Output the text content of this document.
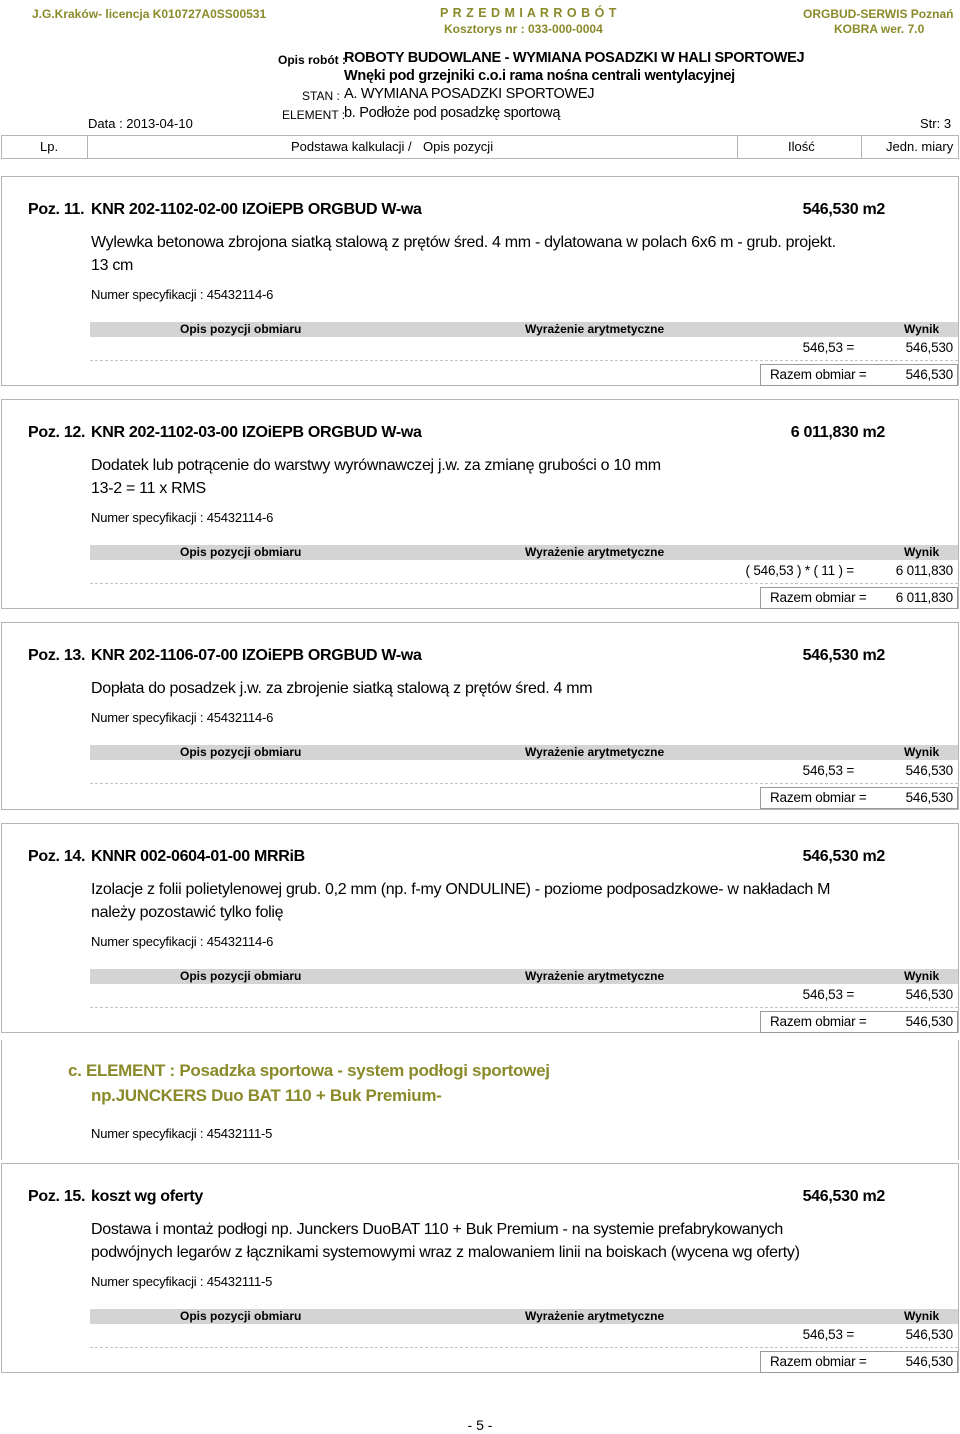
J.G.Kraków- licencja K010727A0SS00531	P R Z E D M I A R R O B Ó T
Kosztorys nr : 033-000-0004
ORGBUD-SERWIS Poznań
KOBRA wer. 7.0
Opis robót :
ROBOTY BUDOWLANE - WYMIANA POSADZKI W HALI SPORTOWEJ
Wnęki pod grzejniki c.o.i rama nośna centrali wentylacyjnej
STAN : A. WYMIANA POSADZKI SPORTOWEJ
ELEMENT :
b. Podłoże pod posadzkę sportową
Data : 2013-04-10	Str: 3
Lp.	Podstawa kalkulacji / Opis pozycji	Ilość	Jedn. miary
Poz. 11. KNR 202-1102-02-00 IZOiEPB ORGBUD W-wa	546,530 m2
Wylewka betonowa zbrojona siatką stalową z prętów śred. 4 mm - dylatowana w polach 6x6 m - grub. projekt.
13 cm
Numer specyfikacji : 45432114-6
Opis pozycji obmiaru	Wyrażenie arytmetyczne	Wynik
546,53 =	546,530
Razem obmiar =	546,530
Poz. 12. KNR 202-1102-03-00 IZOiEPB ORGBUD W-wa	6 011,830 m2
Dodatek lub potrącenie do warstwy wyrównawczej j.w. za zmianę grubości o 10 mm
13-2 = 11 x RMS
Numer specyfikacji : 45432114-6
Opis pozycji obmiaru	Wyrażenie arytmetyczne	Wynik
( 546,53 ) * ( 11 ) =	6 011,830
Razem obmiar =	6 011,830
Poz. 13. KNR 202-1106-07-00 IZOiEPB ORGBUD W-wa	546,530 m2
Dopłata do posadzek j.w. za zbrojenie siatką stalową z prętów śred. 4 mm
Numer specyfikacji : 45432114-6
Opis pozycji obmiaru	Wyrażenie arytmetyczne	Wynik
546,53 =	546,530
Razem obmiar =	546,530
Poz. 14. KNNR 002-0604-01-00 MRRiB	546,530 m2
Izolacje z folii polietylenowej grub. 0,2 mm (np. f-my ONDULINE) - poziome podposadzkowe- w nakładach M
należy pozostawić tylko folię
Numer specyfikacji : 45432114-6
Opis pozycji obmiaru	Wyrażenie arytmetyczne	Wynik
546,53 =	546,530
Razem obmiar =	546,530
Poz. 15. koszt wg oferty	546,530 m2
Dostawa i montaż podłogi np. Junckers DuoBAT 110 + Buk Premium - na systemie prefabrykowanych
podwójnych legarów z łącznikami systemowymi wraz z malowaniem linii na boiskach (wycena wg oferty)
Numer specyfikacji : 45432111-5
Opis pozycji obmiaru	Wyrażenie arytmetyczne	Wynik
546,53 =	546,530
Razem obmiar =	546,530
c. ELEMENT : Posadzka sportowa - system podłogi sportowej
np.JUNCKERS Duo BAT 110 + Buk Premium-
Numer specyfikacji : 45432111-5
- 5 -
